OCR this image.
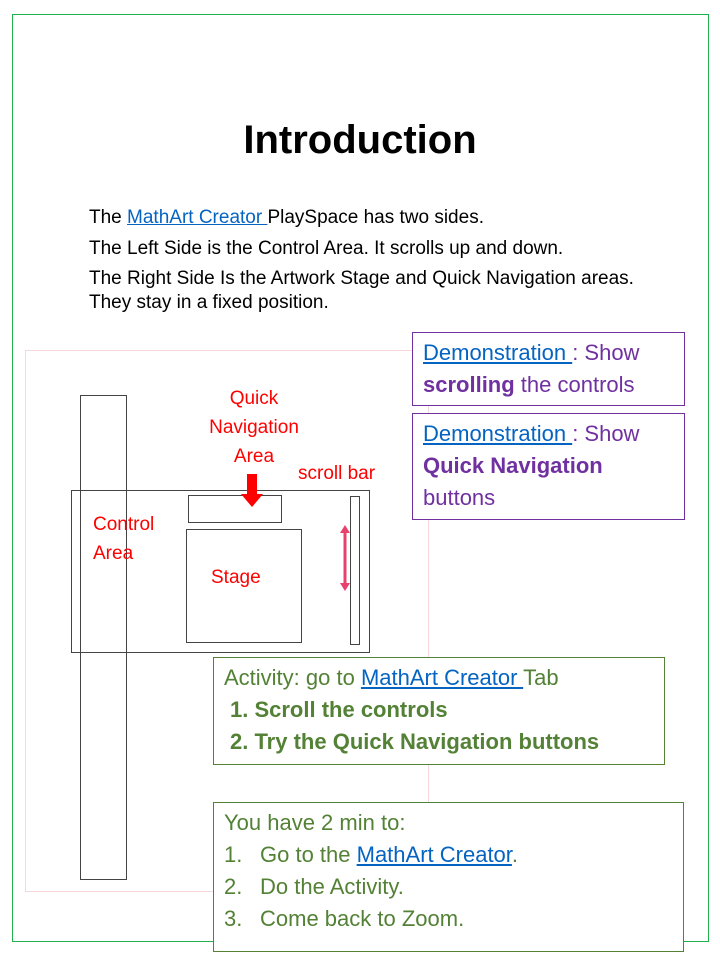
Introduction

The MathArt Creator PlaySpace has two sides.

The Left Side is the Control Area. It scrolls up and down.

The Right Side Is the Artwork Stage and Quick Navigation areas. They stay in a fixed position.

Quick Navigation Area
scroll bar
Control Area
Stage
Demonstration : Show
scrolling the controls
Demonstration : Show
Quick Navigation
buttons
Activity: go to MathArt Creator Tab
1. Scroll the controls
2. Try the Quick Navigation buttons
You have 2 min to:
1. Go to the MathArt Creator.
2. Do the Activity.
3. Come back to Zoom.
